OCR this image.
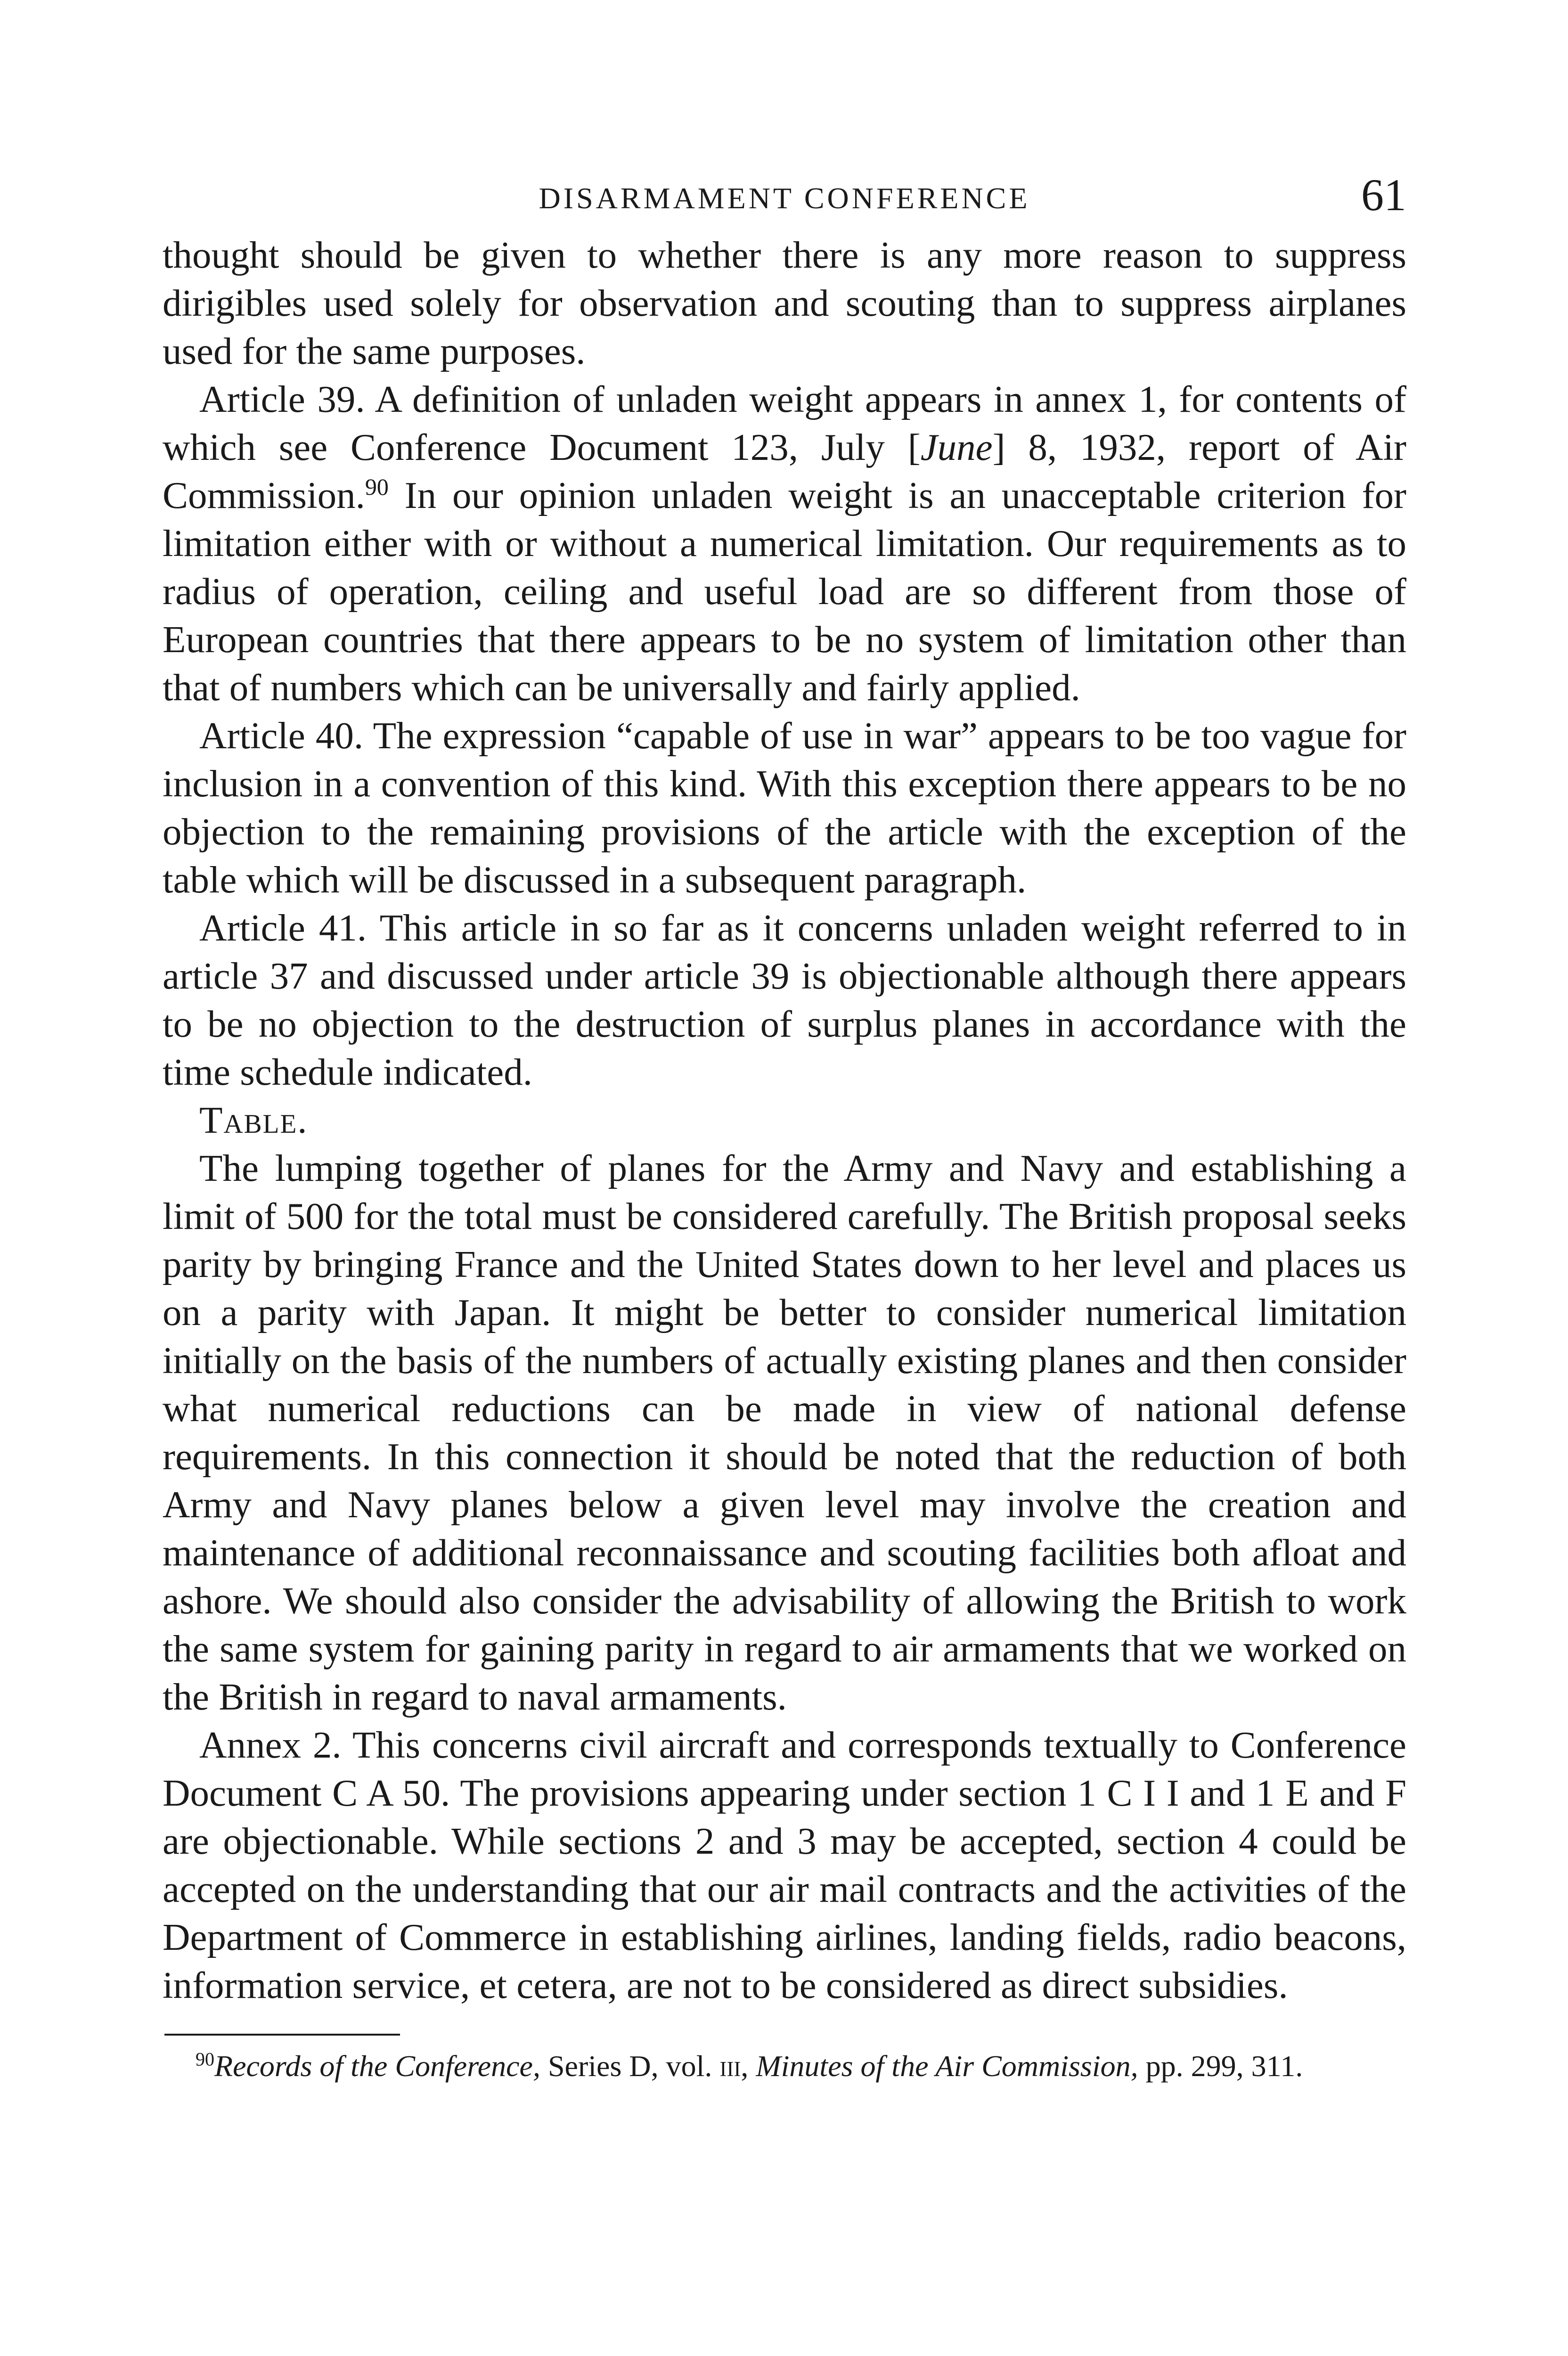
DISARMAMENT CONFERENCE	61

thought should be given to whether there is any more reason to suppress dirigibles used solely for observation and scouting than to suppress airplanes used for the same purposes.

Article 39. A definition of unladen weight appears in annex 1, for contents of which see Conference Document 123, July [June] 8, 1932, report of Air Commission.$^{90}$ In our opinion unladen weight is an unacceptable criterion for limitation either with or without a numerical limitation. Our requirements as to radius of operation, ceiling and useful load are so different from those of European countries that there appears to be no system of limitation other than that of numbers which can be universally and fairly applied.

Article 40. The expression “capable of use in war” appears to be too vague for inclusion in a convention of this kind. With this exception there appears to be no objection to the remaining provisions of the article with the exception of the table which will be discussed in a subsequent paragraph.

Article 41. This article in so far as it concerns unladen weight referred to in article 37 and discussed under article 39 is objectionable although there appears to be no objection to the destruction of surplus planes in accordance with the time schedule indicated.

Table.

The lumping together of planes for the Army and Navy and establishing a limit of 500 for the total must be considered carefully. The British proposal seeks parity by bringing France and the United States down to her level and places us on a parity with Japan. It might be better to consider numerical limitation initially on the basis of the numbers of actually existing planes and then consider what numerical reductions can be made in view of national defense requirements. In this connection it should be noted that the reduction of both Army and Navy planes below a given level may involve the creation and maintenance of additional reconnaissance and scouting facilities both afloat and ashore. We should also consider the advisability of allowing the British to work the same system for gaining parity in regard to air armaments that we worked on the British in regard to naval armaments.

Annex 2. This concerns civil aircraft and corresponds textually to Conference Document C A 50. The provisions appearing under section 1 C I I and 1 E and F are objectionable. While sections 2 and 3 may be accepted, section 4 could be accepted on the understanding that our air mail contracts and the activities of the Department of Commerce in establishing airlines, landing fields, radio beacons, information service, et cetera, are not to be considered as direct subsidies.

$^{90}$Records of the Conference, Series D, vol. iii, Minutes of the Air Commission, pp. 299, 311.
